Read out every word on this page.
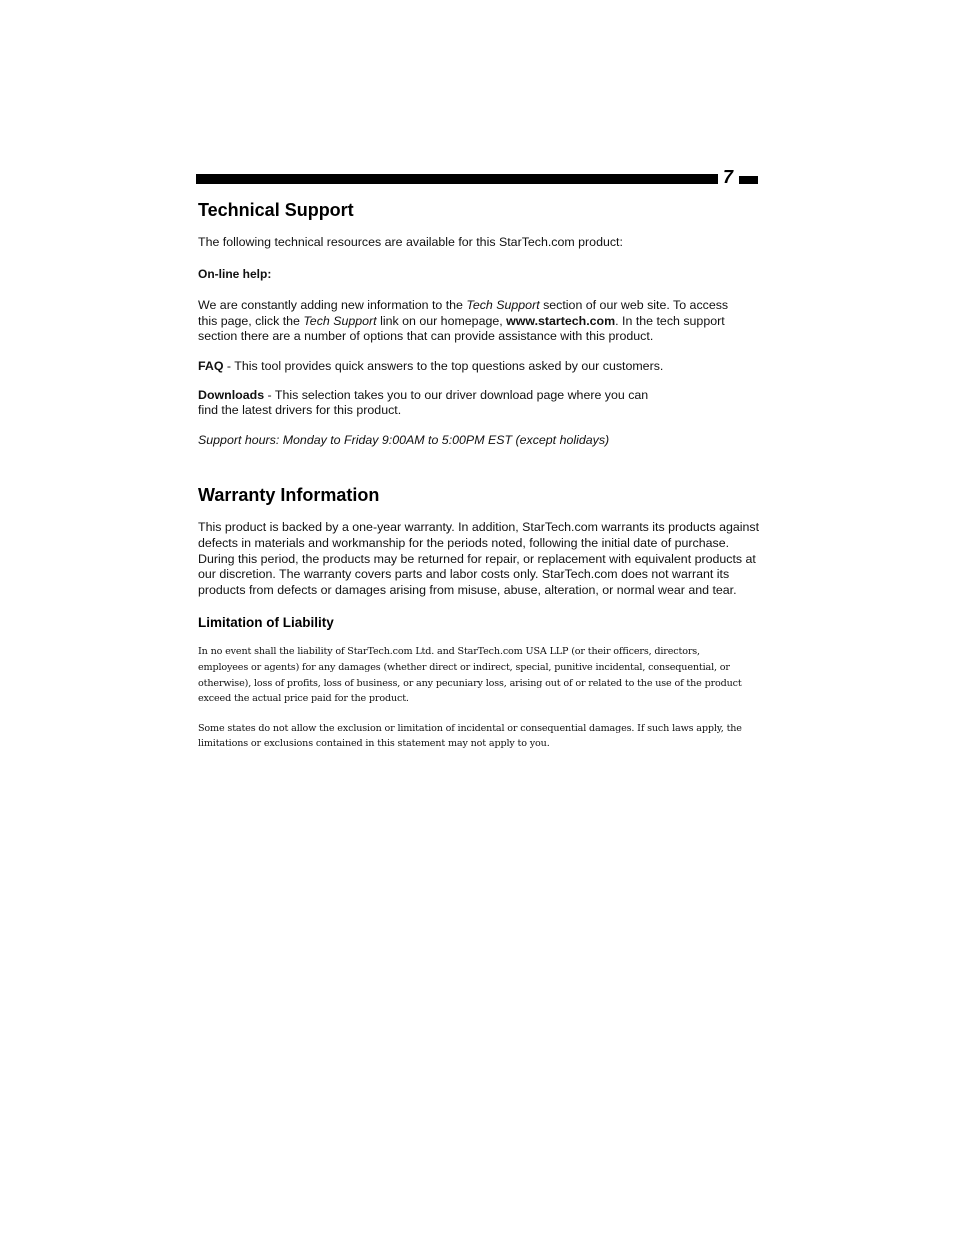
7
Technical Support

The following technical resources are available for this StarTech.com product:

On-line help:

We are constantly adding new information to the Tech Support section of our web site. To access this page, click the Tech Support link on our homepage, www.startech.com. In the tech support section there are a number of options that can provide assistance with this product.

FAQ - This tool provides quick answers to the top questions asked by our customers.

Downloads - This selection takes you to our driver download page where you can find the latest drivers for this product.

Support hours: Monday to Friday 9:00AM to 5:00PM EST (except holidays)

Warranty Information

This product is backed by a one-year warranty. In addition, StarTech.com warrants its products against defects in materials and workmanship for the periods noted, following the initial date of purchase. During this period, the products may be returned for repair, or replacement with equivalent products at our discretion. The warranty covers parts and labor costs only. StarTech.com does not warrant its products from defects or damages arising from misuse, abuse, alteration, or normal wear and tear.

Limitation of Liability

In no event shall the liability of StarTech.com Ltd. and StarTech.com USA LLP (or their officers, directors, employees or agents) for any damages (whether direct or indirect, special, punitive incidental, consequential, or otherwise), loss of profits, loss of business, or any pecuniary loss, arising out of or related to the use of the product exceed the actual price paid for the product.

Some states do not allow the exclusion or limitation of incidental or consequential damages. If such laws apply, the limitations or exclusions contained in this statement may not apply to you.
